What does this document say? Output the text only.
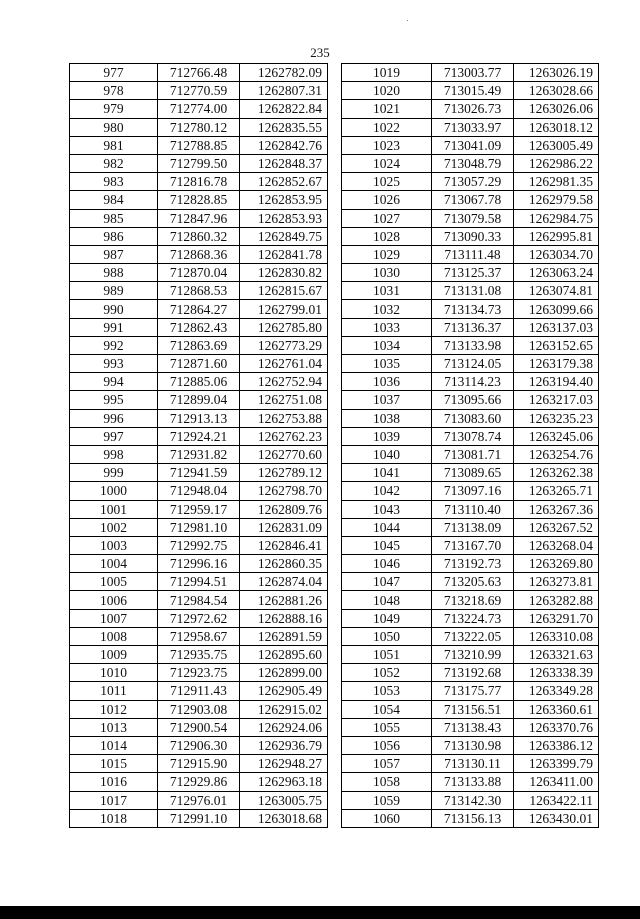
235
977	712766.48	1262782.09
978	712770.59	1262807.31
979	712774.00	1262822.84
980	712780.12	1262835.55
981	712788.85	1262842.76
982	712799.50	1262848.37
983	712816.78	1262852.67
984	712828.85	1262853.95
985	712847.96	1262853.93
986	712860.32	1262849.75
987	712868.36	1262841.78
988	712870.04	1262830.82
989	712868.53	1262815.67
990	712864.27	1262799.01
991	712862.43	1262785.80
992	712863.69	1262773.29
993	712871.60	1262761.04
994	712885.06	1262752.94
995	712899.04	1262751.08
996	712913.13	1262753.88
997	712924.21	1262762.23
998	712931.82	1262770.60
999	712941.59	1262789.12
1000	712948.04	1262798.70
1001	712959.17	1262809.76
1002	712981.10	1262831.09
1003	712992.75	1262846.41
1004	712996.16	1262860.35
1005	712994.51	1262874.04
1006	712984.54	1262881.26
1007	712972.62	1262888.16
1008	712958.67	1262891.59
1009	712935.75	1262895.60
1010	712923.75	1262899.00
1011	712911.43	1262905.49
1012	712903.08	1262915.02
1013	712900.54	1262924.06
1014	712906.30	1262936.79
1015	712915.90	1262948.27
1016	712929.86	1262963.18
1017	712976.01	1263005.75
1018	712991.10	1263018.68
1019	713003.77	1263026.19
1020	713015.49	1263028.66
1021	713026.73	1263026.06
1022	713033.97	1263018.12
1023	713041.09	1263005.49
1024	713048.79	1262986.22
1025	713057.29	1262981.35
1026	713067.78	1262979.58
1027	713079.58	1262984.75
1028	713090.33	1262995.81
1029	713111.48	1263034.70
1030	713125.37	1263063.24
1031	713131.08	1263074.81
1032	713134.73	1263099.66
1033	713136.37	1263137.03
1034	713133.98	1263152.65
1035	713124.05	1263179.38
1036	713114.23	1263194.40
1037	713095.66	1263217.03
1038	713083.60	1263235.23
1039	713078.74	1263245.06
1040	713081.71	1263254.76
1041	713089.65	1263262.38
1042	713097.16	1263265.71
1043	713110.40	1263267.36
1044	713138.09	1263267.52
1045	713167.70	1263268.04
1046	713192.73	1263269.80
1047	713205.63	1263273.81
1048	713218.69	1263282.88
1049	713224.73	1263291.70
1050	713222.05	1263310.08
1051	713210.99	1263321.63
1052	713192.68	1263338.39
1053	713175.77	1263349.28
1054	713156.51	1263360.61
1055	713138.43	1263370.76
1056	713130.98	1263386.12
1057	713130.11	1263399.79
1058	713133.88	1263411.00
1059	713142.30	1263422.11
1060	713156.13	1263430.01
